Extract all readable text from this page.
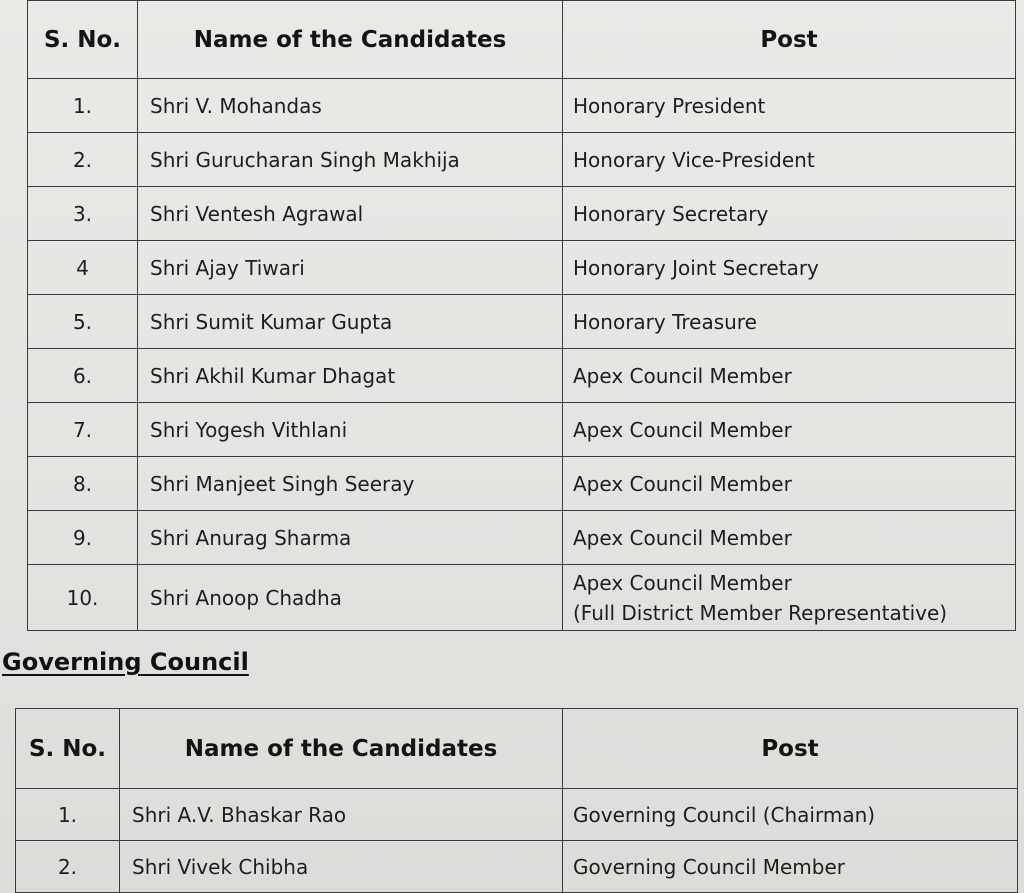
S. No.	Name of the Candidates	Post
1.	Shri V. Mohandas	Honorary President
2.	Shri Gurucharan Singh Makhija	Honorary Vice-President
3.	Shri Ventesh Agrawal	Honorary Secretary
4	Shri Ajay Tiwari	Honorary Joint Secretary
5.	Shri Sumit Kumar Gupta	Honorary Treasure
6.	Shri Akhil Kumar Dhagat	Apex Council Member
7.	Shri Yogesh Vithlani	Apex Council Member
8.	Shri Manjeet Singh Seeray	Apex Council Member
9.	Shri Anurag Sharma	Apex Council Member
10.	Shri Anoop Chadha	Apex Council Member
(Full District Member Representative)
Governing Council
S. No.	Name of the Candidates	Post
1.	Shri A.V. Bhaskar Rao	Governing Council (Chairman)
2.	Shri Vivek Chibha	Governing Council Member
